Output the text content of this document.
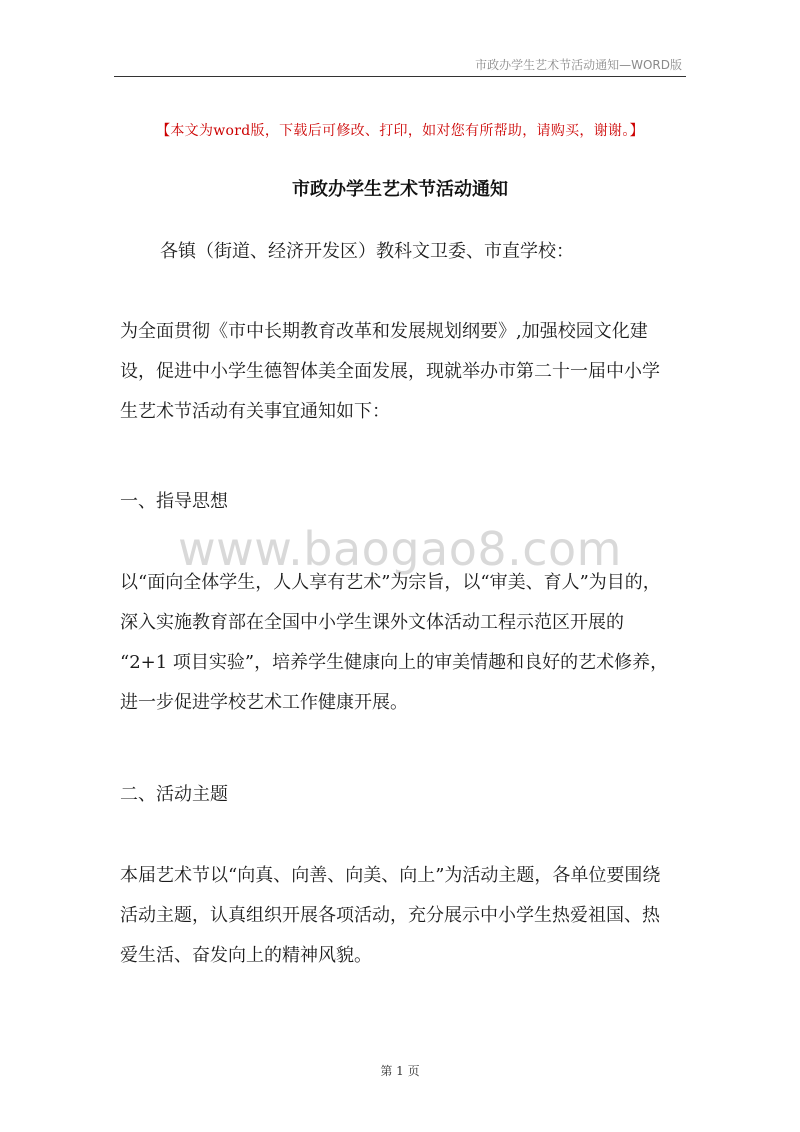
市政办学生艺术节活动通知—WORD版
【本文为word版，下载后可修改、打印，如对您有所帮助，请购买，谢谢。】
市政办学生艺术节活动通知

各镇（街道、经济开发区）教科文卫委、市直学校：

为全面贯彻《市中长期教育改革和发展规划纲要》,加强校园文化建
设，促进中小学生德智体美全面发展，现就举办市第二十一届中小学
生艺术节活动有关事宜通知如下：

一、指导思想

www.baogao8.com

以“面向全体学生，人人享有艺术”为宗旨，以“审美、育人”为目的，
深入实施教育部在全国中小学生课外文体活动工程示范区开展的
“2+1 项目实验”，培养学生健康向上的审美情趣和良好的艺术修养，
进一步促进学校艺术工作健康开展。

二、活动主题

本届艺术节以“向真、向善、向美、向上”为活动主题，各单位要围绕
活动主题，认真组织开展各项活动，充分展示中小学生热爱祖国、热
爱生活、奋发向上的精神风貌。

第 1 页
